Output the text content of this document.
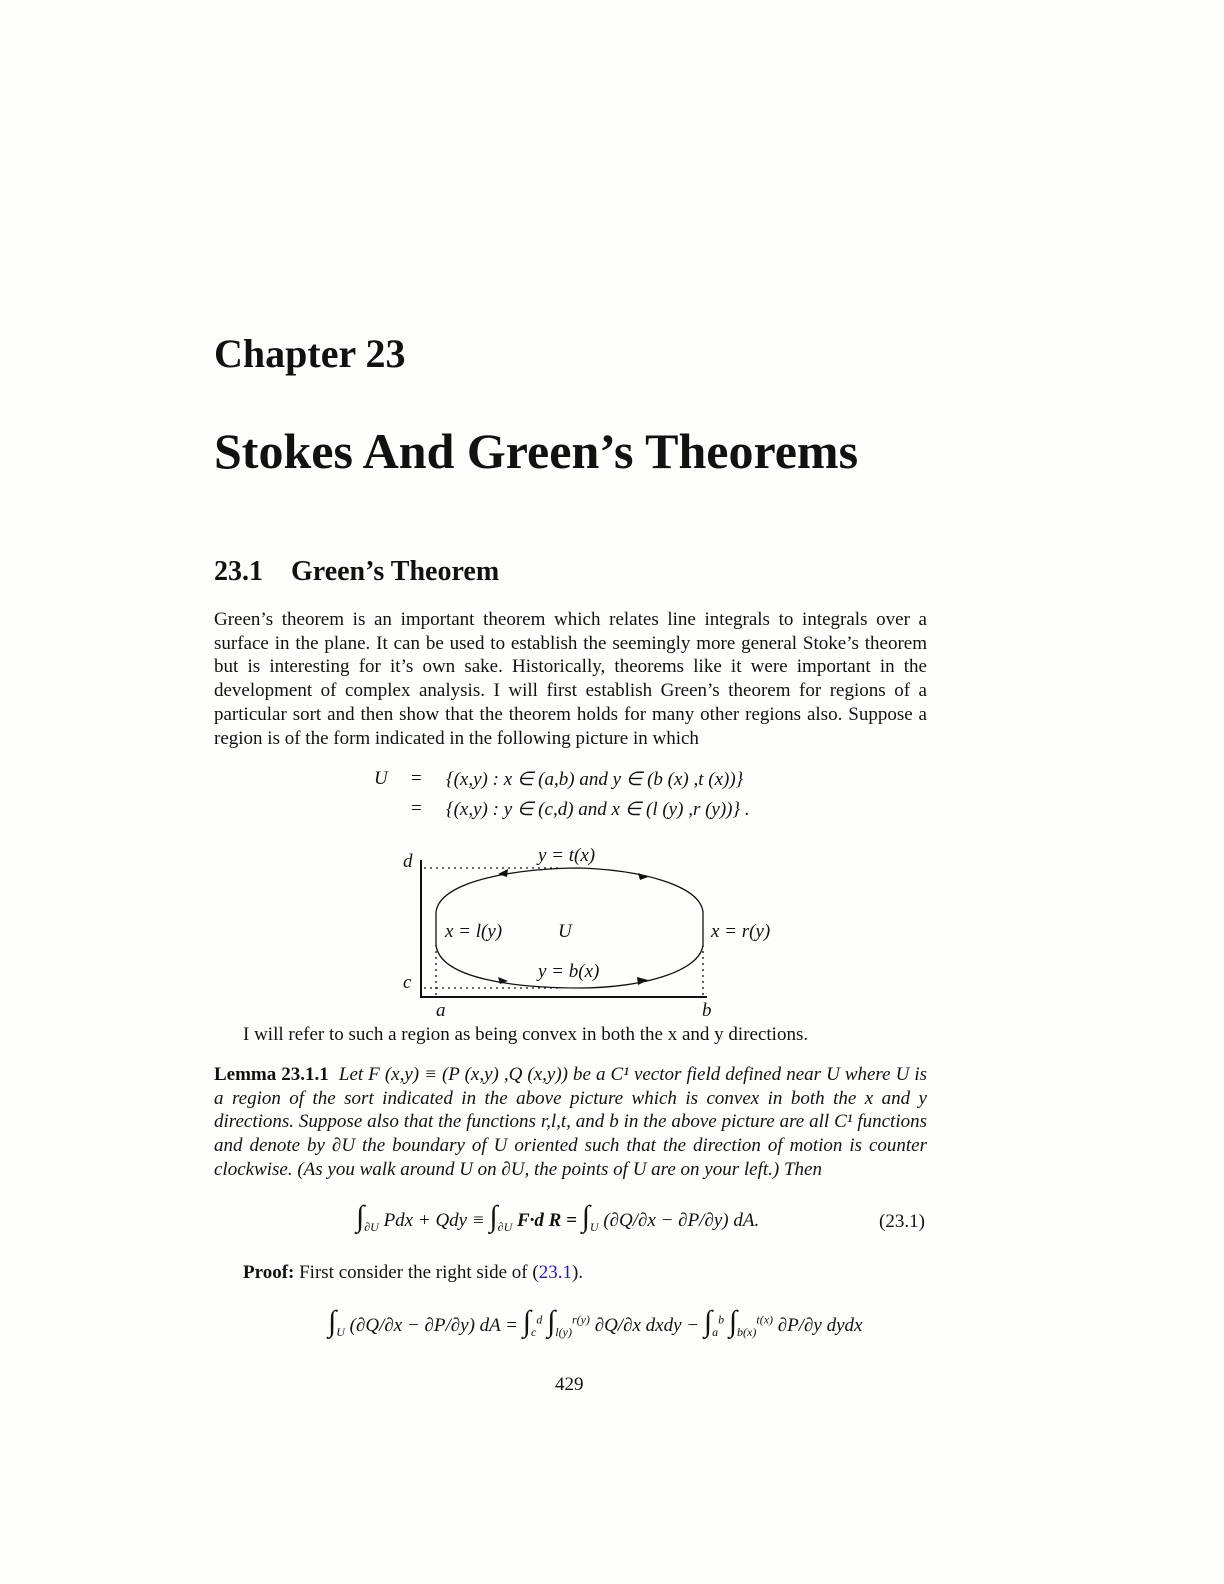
Chapter 23
Stokes And Green’s Theorems
23.1 Green’s Theorem
Green’s theorem is an important theorem which relates line integrals to integrals over a surface in the plane. It can be used to establish the seemingly more general Stoke’s theorem but is interesting for it’s own sake. Historically, theorems like it were important in the development of complex analysis. I will first establish Green’s theorem for regions of a particular sort and then show that the theorem holds for many other regions also. Suppose a region is of the form indicated in the following picture in which
U = {(x,y) : x ∈ (a,b) and y ∈ (b (x) ,t (x))}
= {(x,y) : y ∈ (c,d) and x ∈ (l (y) ,r (y))} .
d
c
a	b
y = t(x)
y = b(x)
x = l(y)	x = r(y)
U
I will refer to such a region as being convex in both the x and y directions.
Lemma 23.1.1 Let F (x,y) ≡ (P (x,y) ,Q (x,y)) be a C¹ vector field defined near U where U is a region of the sort indicated in the above picture which is convex in both the x and y directions. Suppose also that the functions r,l,t, and b in the above picture are all C¹ functions and denote by ∂U the boundary of U oriented such that the direction of motion is counter clockwise. (As you walk around U on ∂U, the points of U are on your left.) Then
$\int_{\partial U}$ Pdx + Qdy ≡ $\int_{\partial U}$ F·d $R = \int_U$ (∂Q/∂x − ∂P/∂y) dA.	(23.1)
Proof: First consider the right side of (23.1).
$\int_U$ (∂Q/∂x − ∂P/∂y) dA = $\int_c^d$ $\int_{l(y)}^{r(y)}$ ∂Q/∂x dxdy − $\int_a^b$ $\int_{b(x)}^{t(x)}$ ∂P/∂y dydx
429
